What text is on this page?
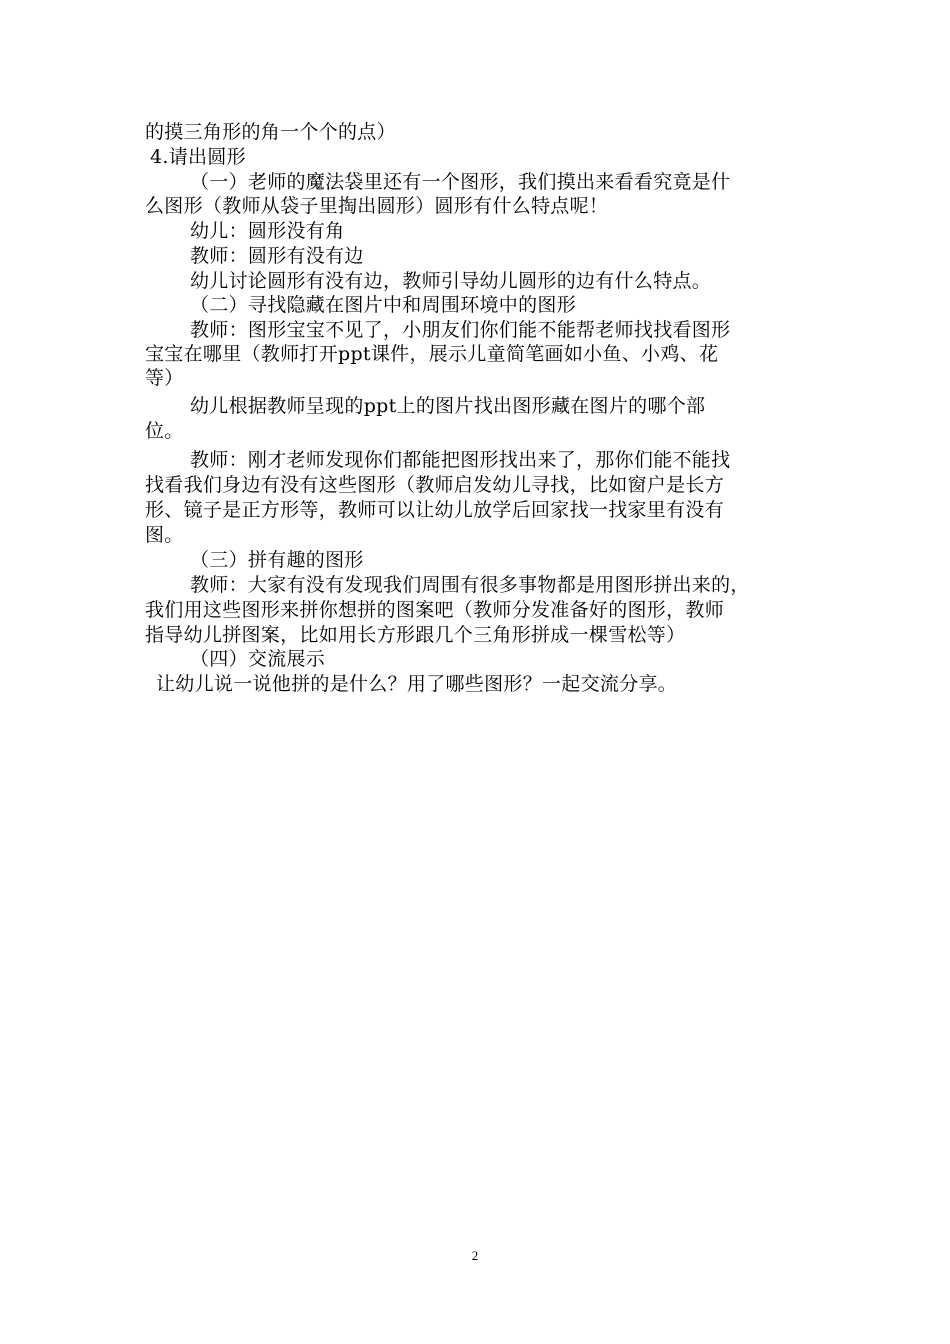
的摸三角形的角一个个的点）
4.请出圆形
（一）老师的魔法袋里还有一个图形，我们摸出来看看究竟是什
么图形（教师从袋子里掏出圆形）圆形有什么特点呢！
幼儿：圆形没有角
教师：圆形有没有边
幼儿讨论圆形有没有边，教师引导幼儿圆形的边有什么特点。
（二）寻找隐藏在图片中和周围环境中的图形
教师：图形宝宝不见了，小朋友们你们能不能帮老师找找看图形
宝宝在哪里（教师打开ppt课件，展示儿童简笔画如小鱼、小鸡、花
等）
幼儿根据教师呈现的ppt上的图片找出图形藏在图片的哪个部
位。
教师：刚才老师发现你们都能把图形找出来了，那你们能不能找
找看我们身边有没有这些图形（教师启发幼儿寻找，比如窗户是长方
形、镜子是正方形等，教师可以让幼儿放学后回家找一找家里有没有
图。
（三）拼有趣的图形
教师：大家有没有发现我们周围有很多事物都是用图形拼出来的，
我们用这些图形来拼你想拼的图案吧（教师分发准备好的图形，教师
指导幼儿拼图案，比如用长方形跟几个三角形拼成一棵雪松等）
（四）交流展示
让幼儿说一说他拼的是什么？用了哪些图形？一起交流分享。
2
